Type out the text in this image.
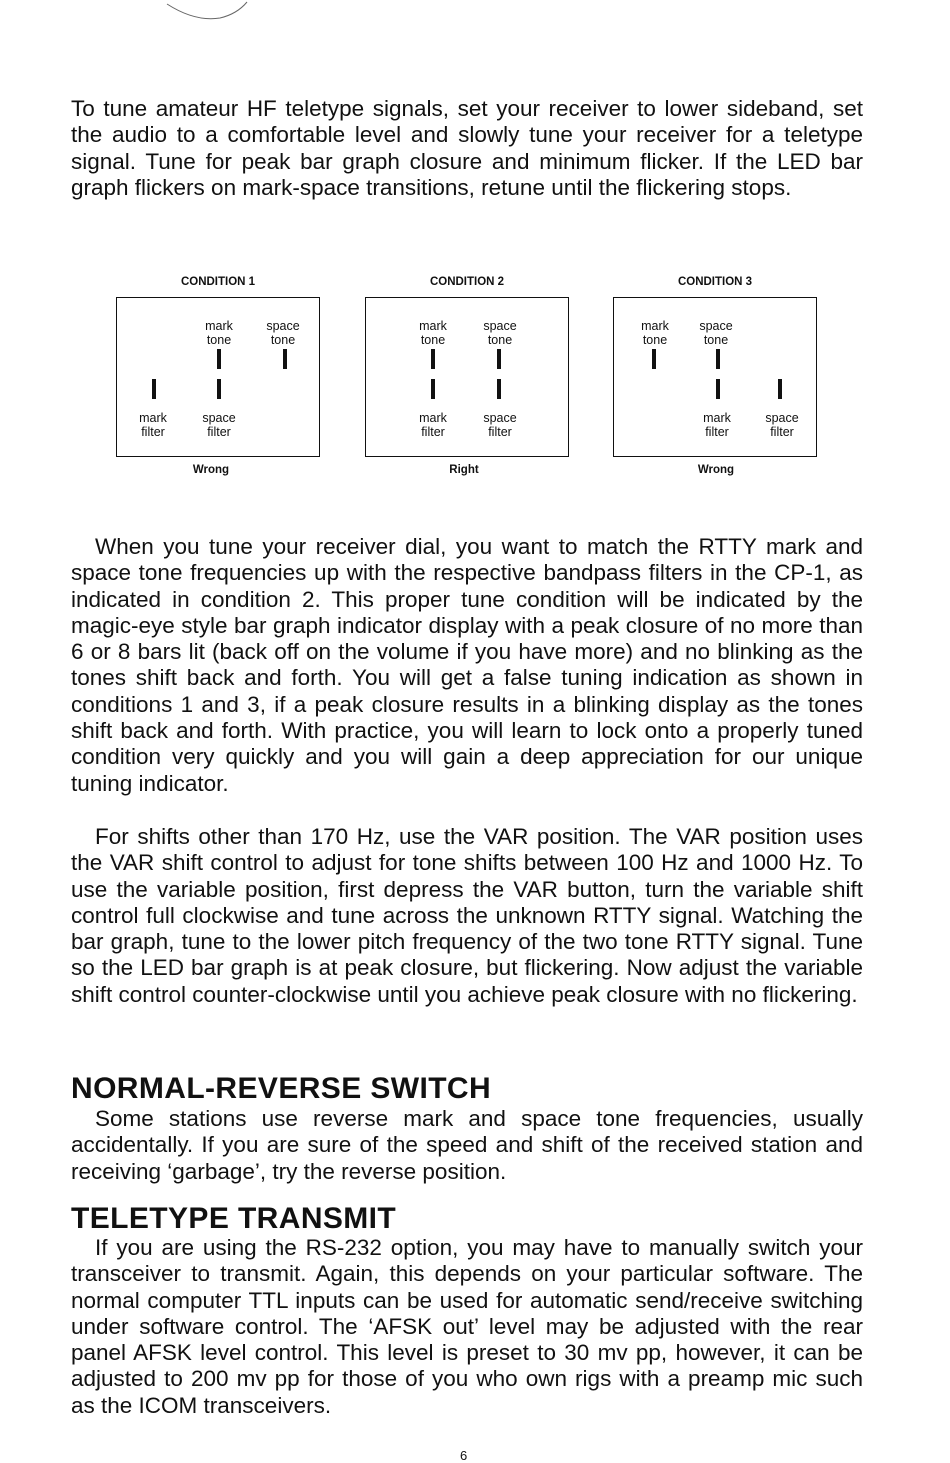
To tune amateur HF teletype signals, set your receiver to lower sideband, set the audio to a comfortable level and slowly tune your receiver for a teletype signal. Tune for peak bar graph closure and minimum flicker. If the LED bar graph flickers on mark-space transitions, retune until the flickering stops.

CONDITION 1
mark
tone
space
tone
mark
filter
space
filter
Wrong
CONDITION 2
mark
tone
space
tone
mark
filter
space
filter
Right
CONDITION 3
mark
tone
space
tone
mark
filter
space
filter
Wrong

When you tune your receiver dial, you want to match the RTTY mark and space tone frequencies up with the respective bandpass filters in the CP-1, as indicated in condition 2. This proper tune condition will be indicated by the magic-eye style bar graph indicator display with a peak closure of no more than 6 or 8 bars lit (back off on the volume if you have more) and no blinking as the tones shift back and forth. You will get a false tuning indication as shown in conditions 1 and 3, if a peak closure results in a blinking display as the tones shift back and forth. With practice, you will learn to lock onto a properly tuned condition very quickly and you will gain a deep appreciation for our unique tuning indicator.

For shifts other than 170 Hz, use the VAR position. The VAR position uses the VAR shift control to adjust for tone shifts between 100 Hz and 1000 Hz. To use the variable position, first depress the VAR button, turn the variable shift control full clockwise and tune across the unknown RTTY signal. Watching the bar graph, tune to the lower pitch frequency of the two tone RTTY signal. Tune so the LED bar graph is at peak closure, but flickering. Now adjust the variable shift control counter-clockwise until you achieve peak closure with no flickering.

NORMAL-REVERSE SWITCH

Some stations use reverse mark and space tone frequencies, usually accidentally. If you are sure of the speed and shift of the received station and receiving ‘garbage’, try the reverse position.

TELETYPE TRANSMIT

If you are using the RS-232 option, you may have to manually switch your transceiver to transmit. Again, this depends on your particular software. The normal computer TTL inputs can be used for automatic send/receive switching under software control. The ‘AFSK out’ level may be adjusted with the rear panel AFSK level control. This level is preset to 30 mv pp, however, it can be adjusted to 200 mv pp for those of you who own rigs with a preamp mic such as the ICOM transceivers.

6
